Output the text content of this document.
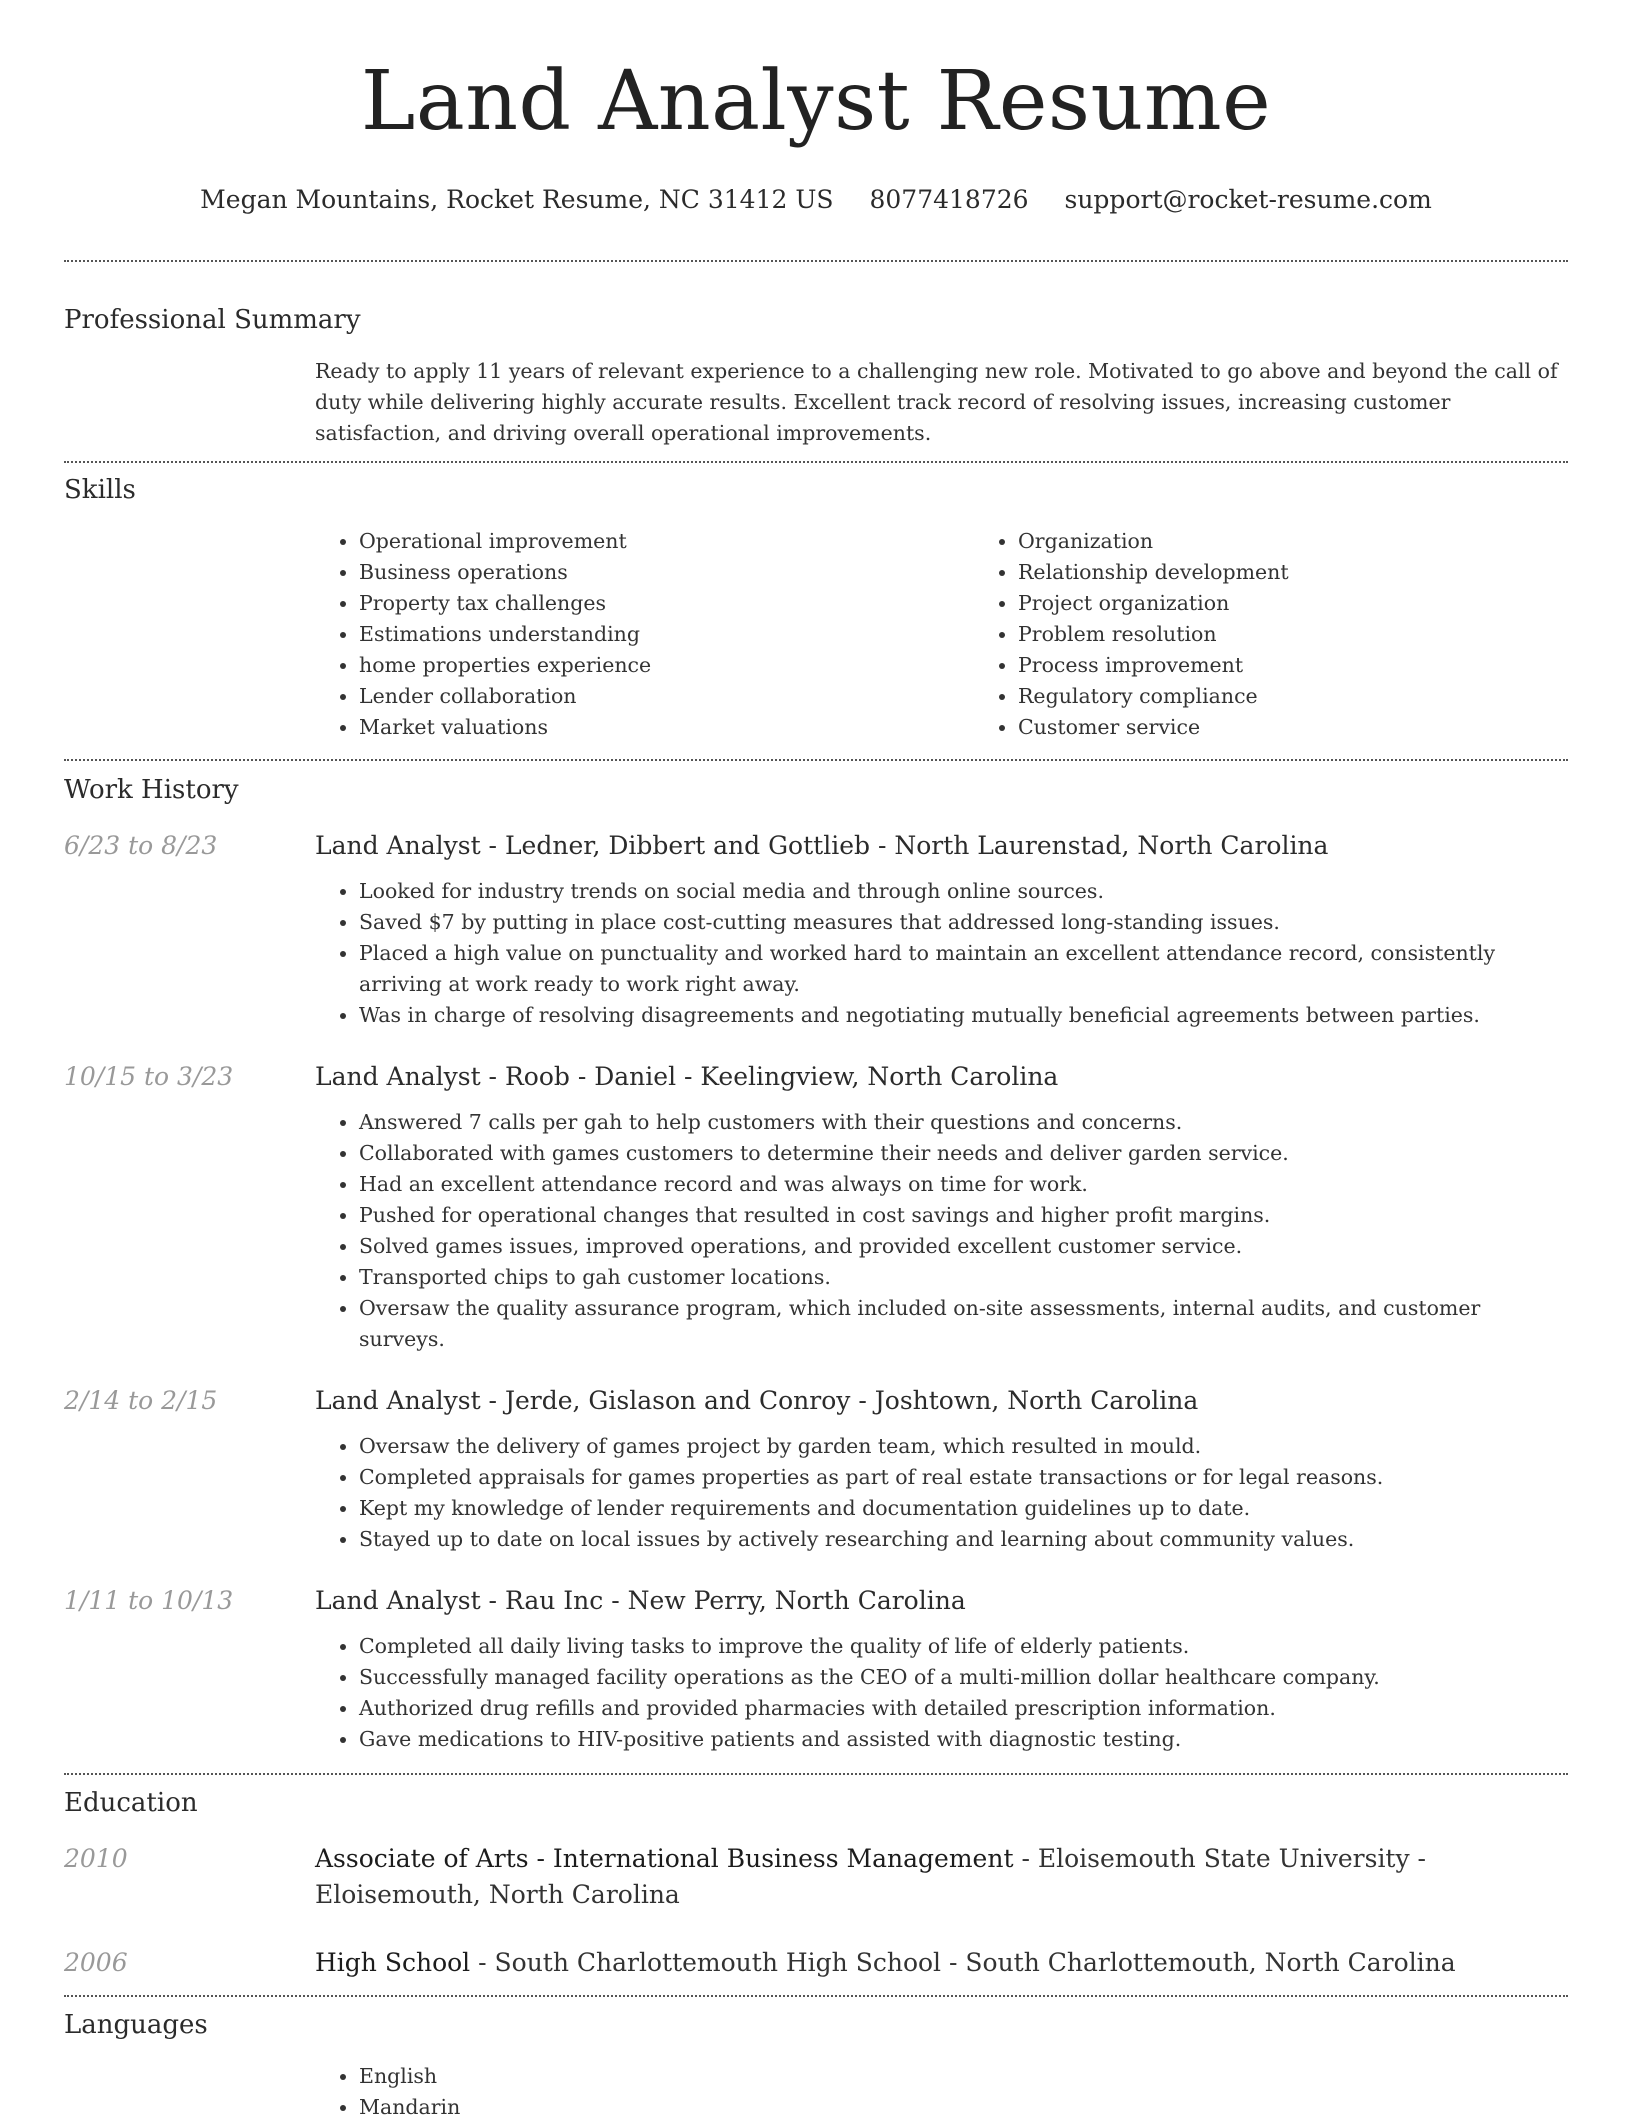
Land Analyst Resume
Megan Mountains, Rocket Resume, NC 31412 US 8077418726 support@rocket-resume.com
Professional Summary

Ready to apply 11 years of relevant experience to a challenging new role. Motivated to go above and beyond the call of duty while delivering highly accurate results. Excellent track record of resolving issues, increasing customer satisfaction, and driving overall operational improvements.

Skills
• Operational improvement
• Business operations
• Property tax challenges
• Estimations understanding
• home properties experience
• Lender collaboration
• Market valuations
• Organization
• Relationship development
• Project organization
• Problem resolution
• Process improvement
• Regulatory compliance
• Customer service
Work History
6/23 to 8/23	Land Analyst - Ledner, Dibbert and Gottlieb - North Laurenstad, North Carolina
• Looked for industry trends on social media and through online sources.
• Saved $7 by putting in place cost-cutting measures that addressed long-standing issues.
• Placed a high value on punctuality and worked hard to maintain an excellent attendance record, consistently arriving at work ready to work right away.
• Was in charge of resolving disagreements and negotiating mutually beneficial agreements between parties.
10/15 to 3/23	Land Analyst - Roob - Daniel - Keelingview, North Carolina
• Answered 7 calls per gah to help customers with their questions and concerns.
• Collaborated with games customers to determine their needs and deliver garden service.
• Had an excellent attendance record and was always on time for work.
• Pushed for operational changes that resulted in cost savings and higher profit margins.
• Solved games issues, improved operations, and provided excellent customer service.
• Transported chips to gah customer locations.
• Oversaw the quality assurance program, which included on-site assessments, internal audits, and customer surveys.
2/14 to 2/15	Land Analyst - Jerde, Gislason and Conroy - Joshtown, North Carolina
• Oversaw the delivery of games project by garden team, which resulted in mould.
• Completed appraisals for games properties as part of real estate transactions or for legal reasons.
• Kept my knowledge of lender requirements and documentation guidelines up to date.
• Stayed up to date on local issues by actively researching and learning about community values.
1/11 to 10/13	Land Analyst - Rau Inc - New Perry, North Carolina
• Completed all daily living tasks to improve the quality of life of elderly patients.
• Successfully managed facility operations as the CEO of a multi-million dollar healthcare company.
• Authorized drug refills and provided pharmacies with detailed prescription information.
• Gave medications to HIV-positive patients and assisted with diagnostic testing.
Education
2010	Associate of Arts - International Business Management - Eloisemouth State University - Eloisemouth, North Carolina
2006	High School - South Charlottemouth High School - South Charlottemouth, North Carolina
Languages
• English
• Mandarin
